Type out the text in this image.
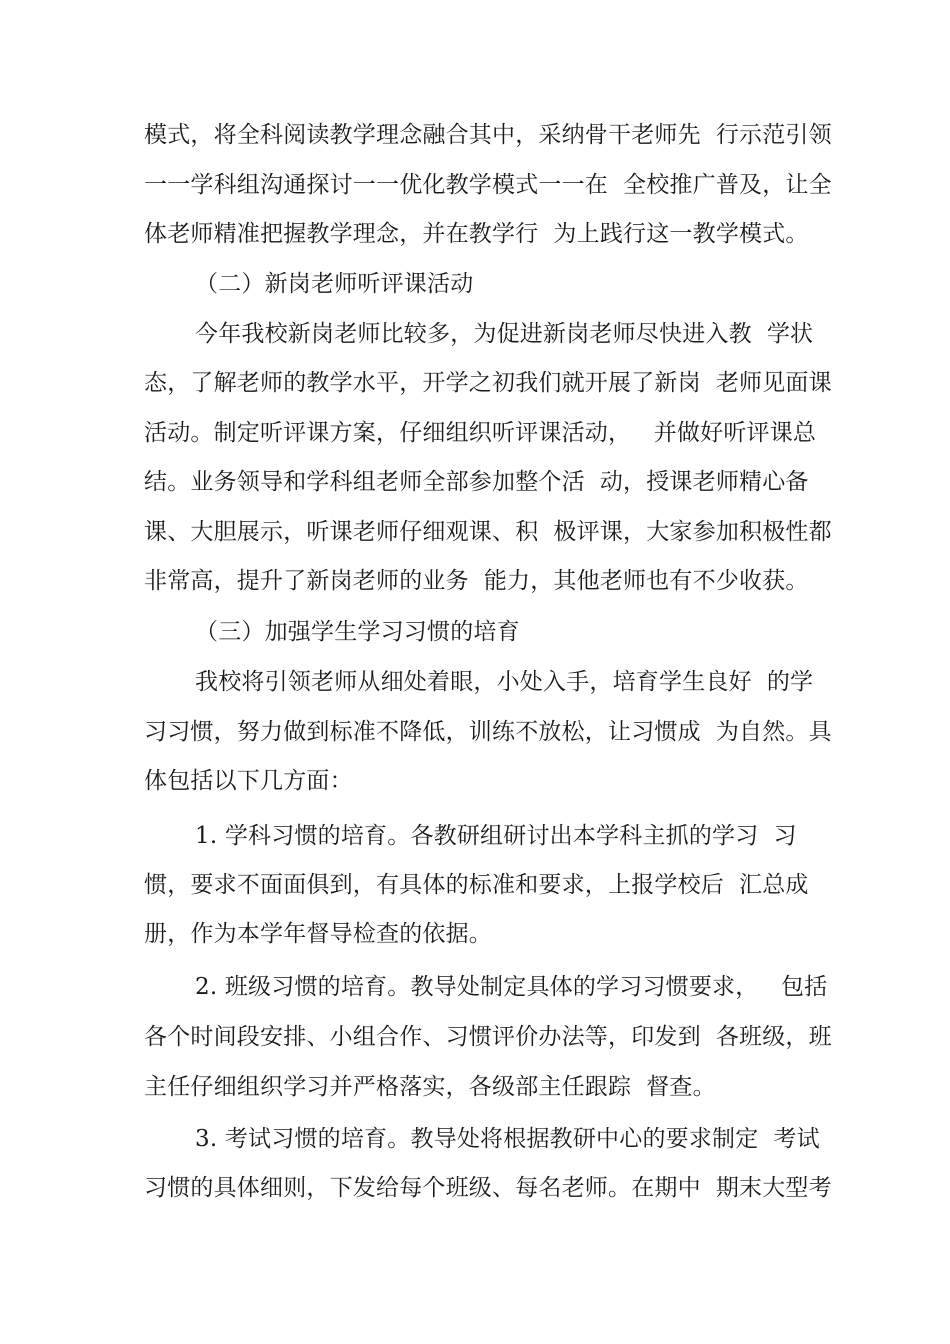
模式，将全科阅读教学理念融合其中，采纳骨干老师先  行示范引领

一一学科组沟通探讨一一优化教学模式一一在  全校推广普及，让全

体老师精准把握教学理念，并在教学行  为上践行这一教学模式。

（二）新岗老师听评课活动

今年我校新岗老师比较多，为促进新岗老师尽快进入教  学状

态，了解老师的教学水平，开学之初我们就开展了新岗  老师见面课

活动。制定听评课方案，仔细组织听评课活动，   并做好听评课总

结。业务领导和学科组老师全部参加整个活  动，授课老师精心备

课、大胆展示，听课老师仔细观课、积  极评课，大家参加积极性都

非常高，提升了新岗老师的业务  能力，其他老师也有不少收获。

（三）加强学生学习习惯的培育

我校将引领老师从细处着眼，小处入手，培育学生良好  的学

习习惯，努力做到标准不降低，训练不放松，让习惯成  为自然。具

体包括以下几方面：

1. 学科习惯的培育。各教研组研讨出本学科主抓的学习  习

惯，要求不面面俱到，有具体的标准和要求，上报学校后  汇总成

册，作为本学年督导检查的依据。

2. 班级习惯的培育。教导处制定具体的学习习惯要求，   包括

各个时间段安排、小组合作、习惯评价办法等，印发到  各班级，班

主任仔细组织学习并严格落实，各级部主任跟踪  督查。

3. 考试习惯的培育。教导处将根据教研中心的要求制定  考试

习惯的具体细则，下发给每个班级、每名老师。在期中  期末大型考
